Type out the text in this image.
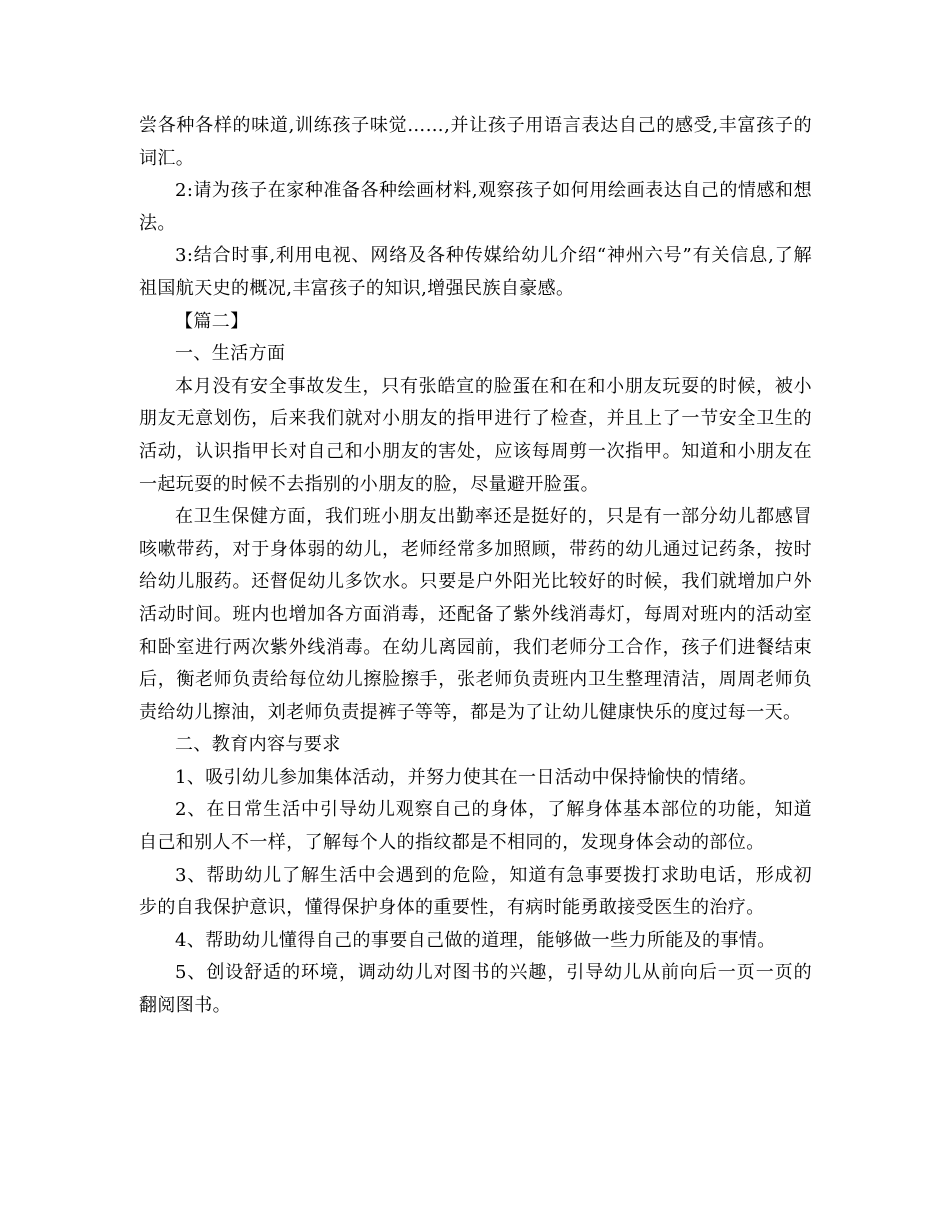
尝各种各样的味道,训练孩子味觉……,并让孩子用语言表达自己的感受,丰富孩子的词汇。

2:请为孩子在家种准备各种绘画材料,观察孩子如何用绘画表达自己的情感和想法。

3:结合时事,利用电视、网络及各种传媒给幼儿介绍“神州六号”有关信息,了解祖国航天史的概况,丰富孩子的知识,增强民族自豪感。

【篇二】

一、生活方面

本月没有安全事故发生，只有张皓宣的脸蛋在和在和小朋友玩耍的时候，被小朋友无意划伤，后来我们就对小朋友的指甲进行了检查，并且上了一节安全卫生的活动，认识指甲长对自己和小朋友的害处，应该每周剪一次指甲。知道和小朋友在一起玩耍的时候不去指别的小朋友的脸，尽量避开脸蛋。

在卫生保健方面，我们班小朋友出勤率还是挺好的，只是有一部分幼儿都感冒咳嗽带药，对于身体弱的幼儿，老师经常多加照顾，带药的幼儿通过记药条，按时给幼儿服药。还督促幼儿多饮水。只要是户外阳光比较好的时候，我们就增加户外活动时间。班内也增加各方面消毒，还配备了紫外线消毒灯，每周对班内的活动室和卧室进行两次紫外线消毒。在幼儿离园前，我们老师分工合作，孩子们进餐结束后，衡老师负责给每位幼儿擦脸擦手，张老师负责班内卫生整理清洁，周周老师负责给幼儿擦油，刘老师负责提裤子等等，都是为了让幼儿健康快乐的度过每一天。

二、教育内容与要求

1、吸引幼儿参加集体活动，并努力使其在一日活动中保持愉快的情绪。

2、在日常生活中引导幼儿观察自己的身体，了解身体基本部位的功能，知道自己和别人不一样，了解每个人的指纹都是不相同的，发现身体会动的部位。

3、帮助幼儿了解生活中会遇到的危险，知道有急事要拨打求助电话，形成初步的自我保护意识，懂得保护身体的重要性，有病时能勇敢接受医生的治疗。

4、帮助幼儿懂得自己的事要自己做的道理，能够做一些力所能及的事情。

5、创设舒适的环境，调动幼儿对图书的兴趣，引导幼儿从前向后一页一页的翻阅图书。
